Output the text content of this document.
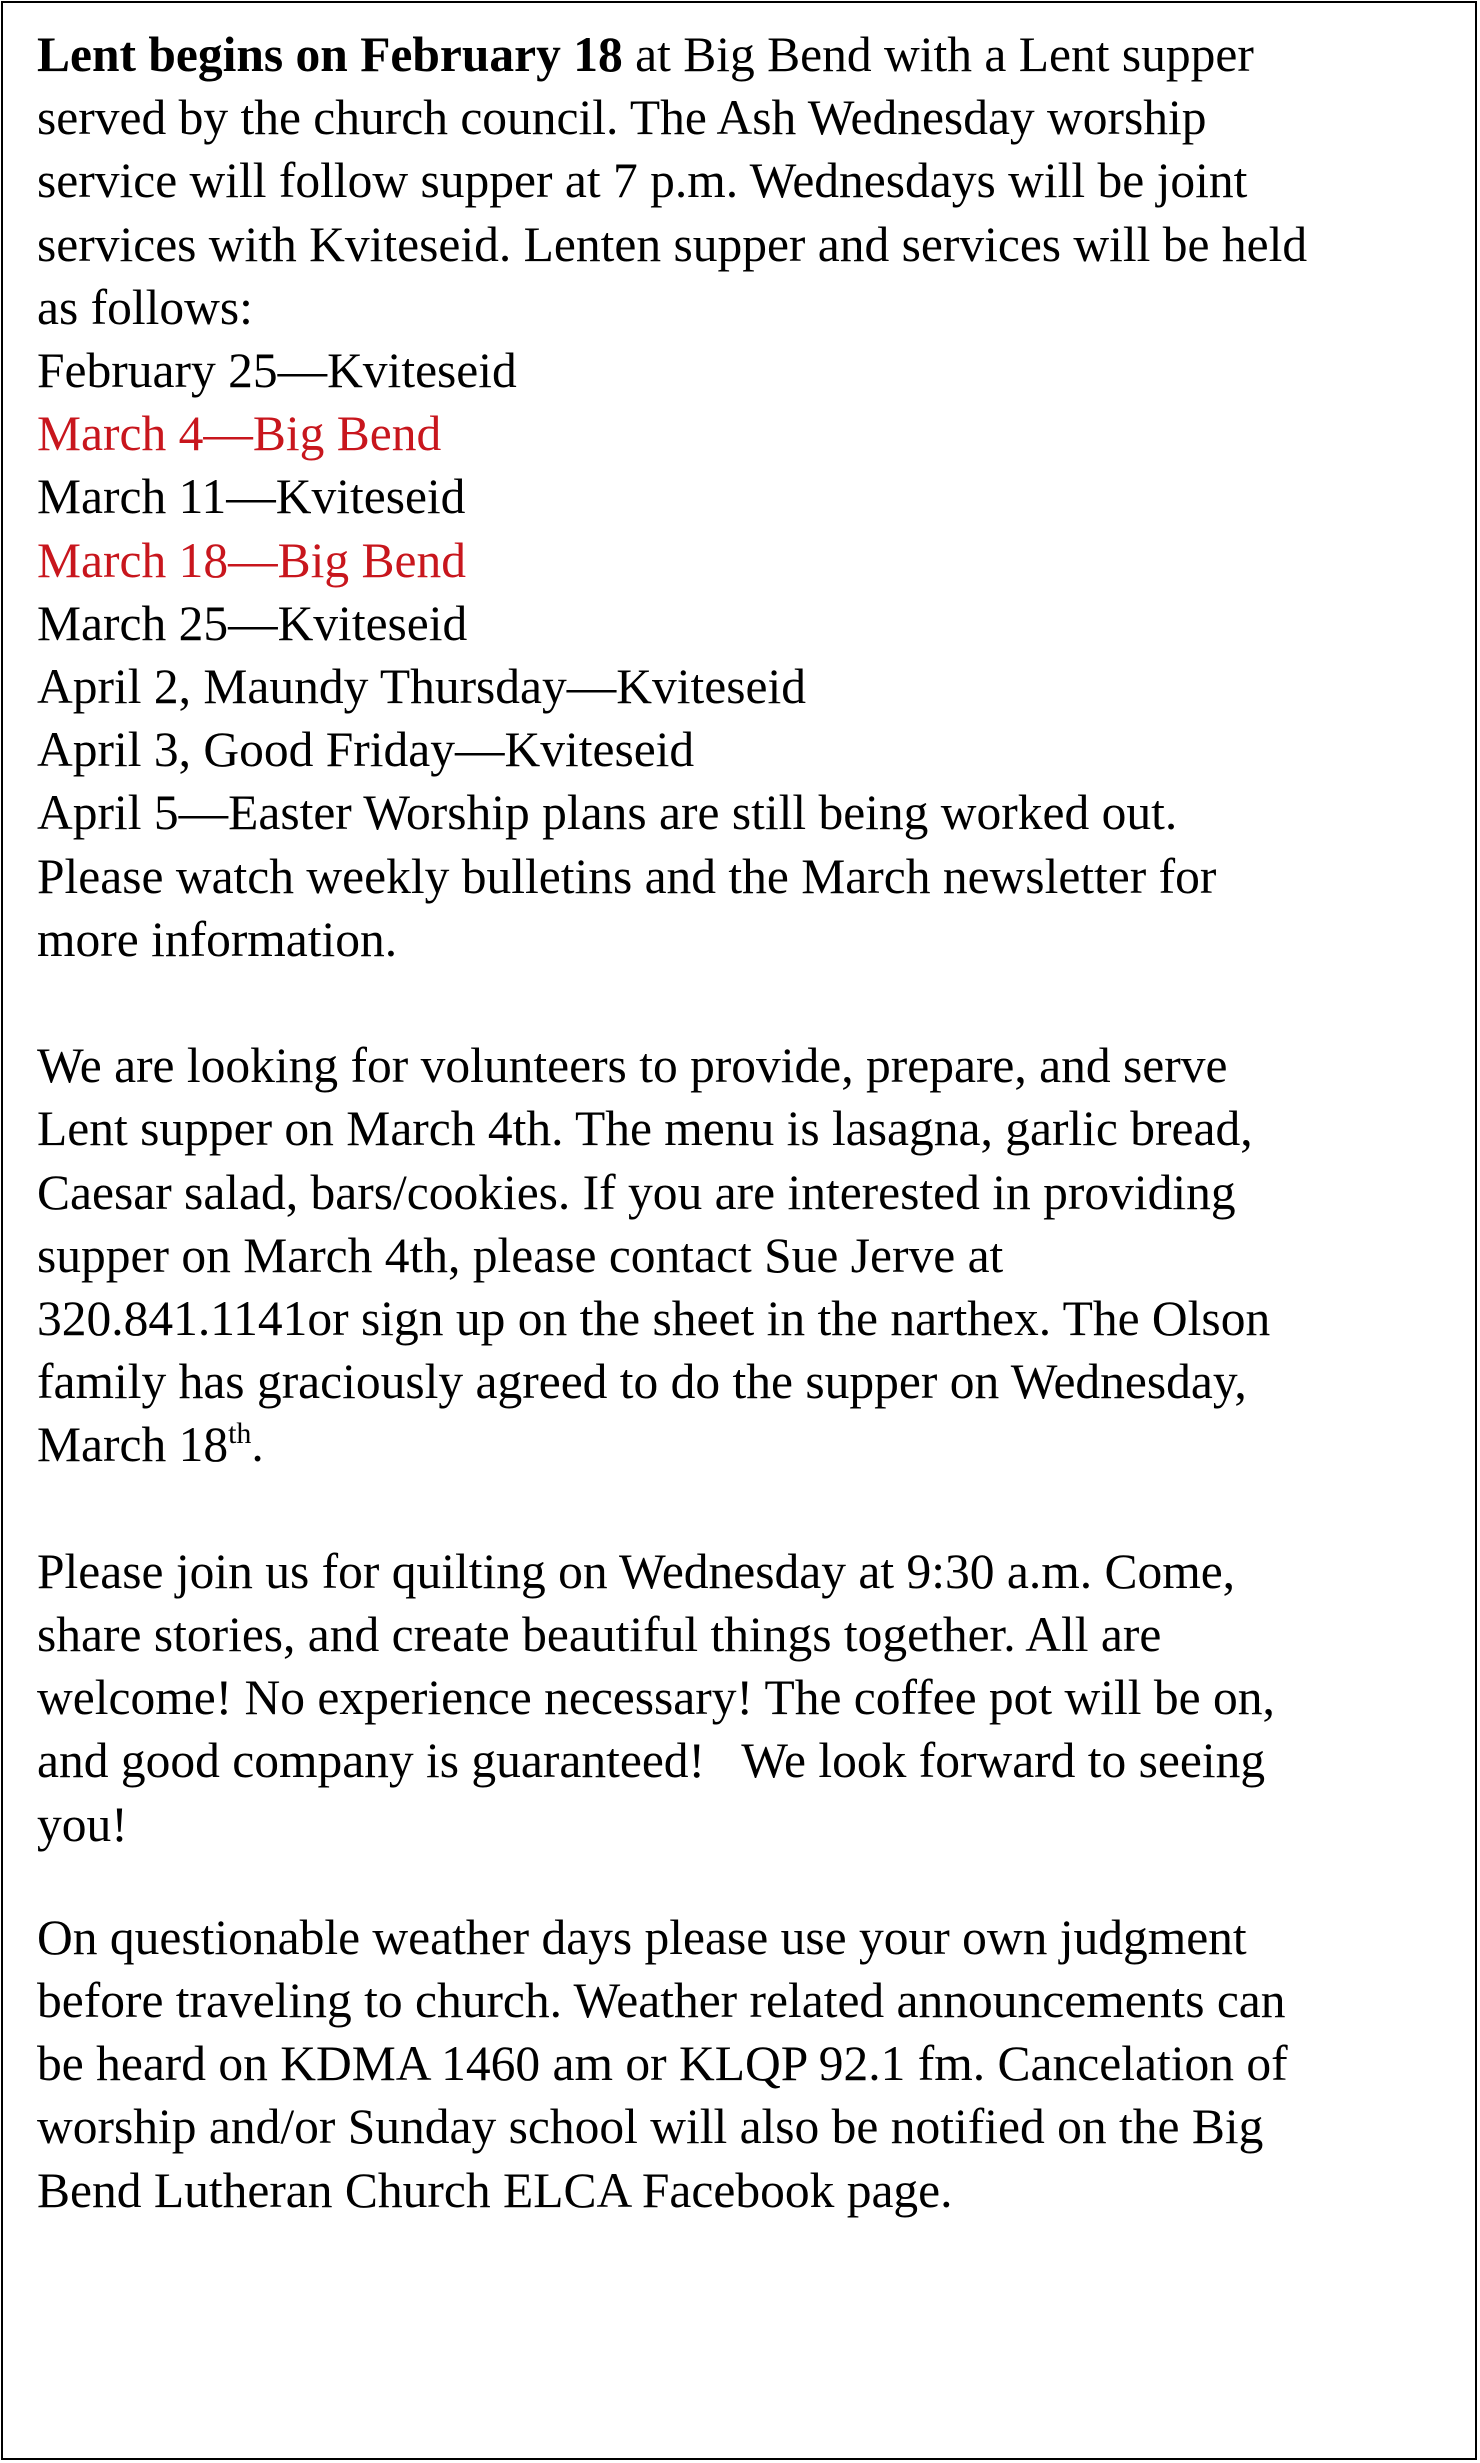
Lent begins on February 18 at Big Bend with a Lent supper
served by the church council. The Ash Wednesday worship
service will follow supper at 7 p.m. Wednesdays will be joint
services with Kviteseid. Lenten supper and services will be held
as follows:
February 25—Kviteseid
March 4—Big Bend
March 11—Kviteseid
March 18—Big Bend
March 25—Kviteseid
April 2, Maundy Thursday—Kviteseid
April 3, Good Friday—Kviteseid
April 5—Easter Worship plans are still being worked out.
Please watch weekly bulletins and the March newsletter for
more information.
We are looking for volunteers to provide, prepare, and serve
Lent supper on March 4th. The menu is lasagna, garlic bread,
Caesar salad, bars/cookies. If you are interested in providing
supper on March 4th, please contact Sue Jerve at
320.841.1141or sign up on the sheet in the narthex. The Olson
family has graciously agreed to do the supper on Wednesday,
March 18th.
Please join us for quilting on Wednesday at 9:30 a.m. Come,
share stories, and create beautiful things together. All are
welcome! No experience necessary! The coffee pot will be on,
and good company is guaranteed!   We look forward to seeing
you!
On questionable weather days please use your own judgment
before traveling to church. Weather related announcements can
be heard on KDMA 1460 am or KLQP 92.1 fm. Cancelation of
worship and/or Sunday school will also be notified on the Big
Bend Lutheran Church ELCA Facebook page.
